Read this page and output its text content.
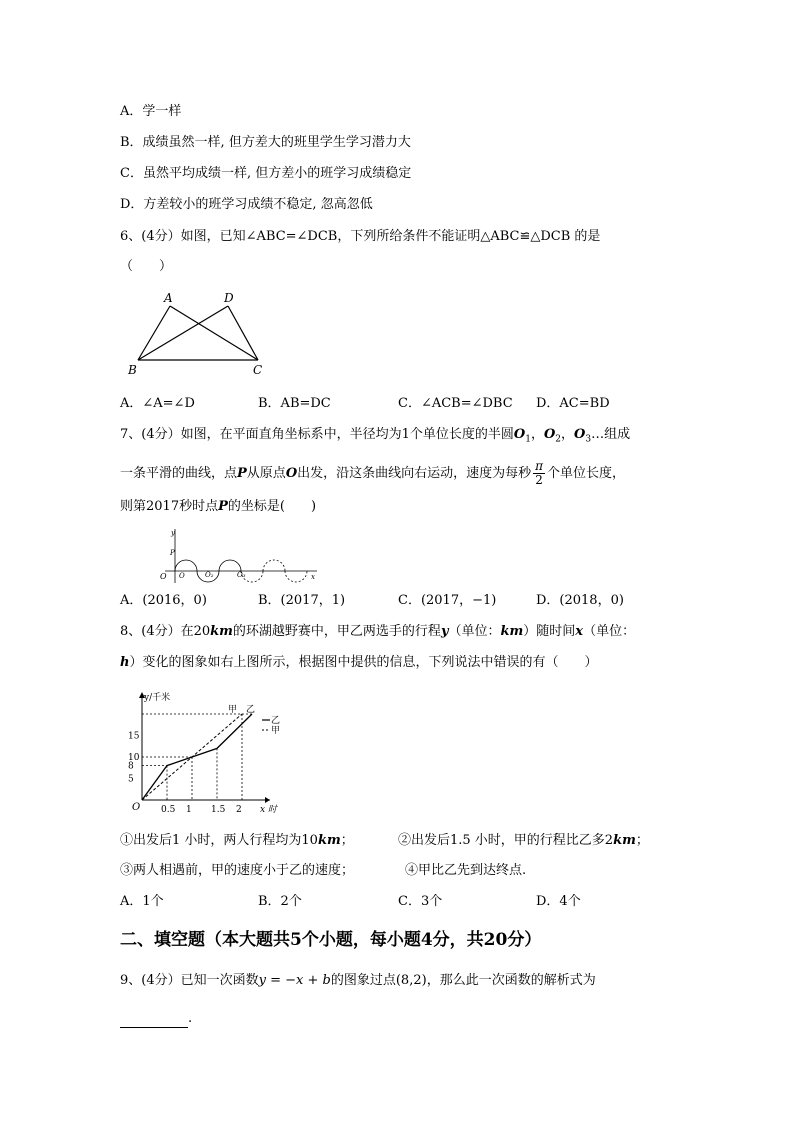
A．学一样
B．成绩虽然一样, 但方差大的班里学生学习潜力大
C．虽然平均成绩一样, 但方差小的班学习成绩稳定
D．方差较小的班学习成绩不稳定, 忽高忽低
6、(4分）如图，已知∠ABC=∠DCB，下列所给条件不能证明△ABC≌△DCB 的是
（　　）
A	D
B	C
A．∠A=∠D	B．AB=DC	C．∠ACB=∠DBC D．AC=BD
7、(4分）如图，在平面直角坐标系中，半径均为1个单位长度的半圆$O_1$，$O_2$，$O_3\dots$组成
一条平滑的曲线，点P从原点O出发，沿这条曲线向右运动，速度为每秒 $\frac{\pi}{2}$ 个单位长度，
则第2017秒时点P的坐标是(　　)
y
P
O O	O₂	O₃	x
A．(2016，0)	B．(2017，1)	C．(2017，−1)	D．(2018，0)
8、(4分）在20km的环湖越野赛中，甲乙两选手的行程y（单位：km）随时间x（单位：
h）变化的图象如右上图所示，根据图中提供的信息，下列说法中错误的有（　　）
y/千米
x 时
O 0.5 1 1.5 2
5
8
10
15
甲 乙
乙
甲
①出发后1 小时，两人行程均为10km；	②出发后1.5 小时，甲的行程比乙多2km；
③两人相遇前，甲的速度小于乙的速度；	④甲比乙先到达终点.
A．1个	B．2个	C．3个	D．4个
二、填空题（本大题共5个小题，每小题4分，共20分）
9、(4分）已知一次函数y = −x + b的图象过点(8,2)，那么此一次函数的解析式为
.
